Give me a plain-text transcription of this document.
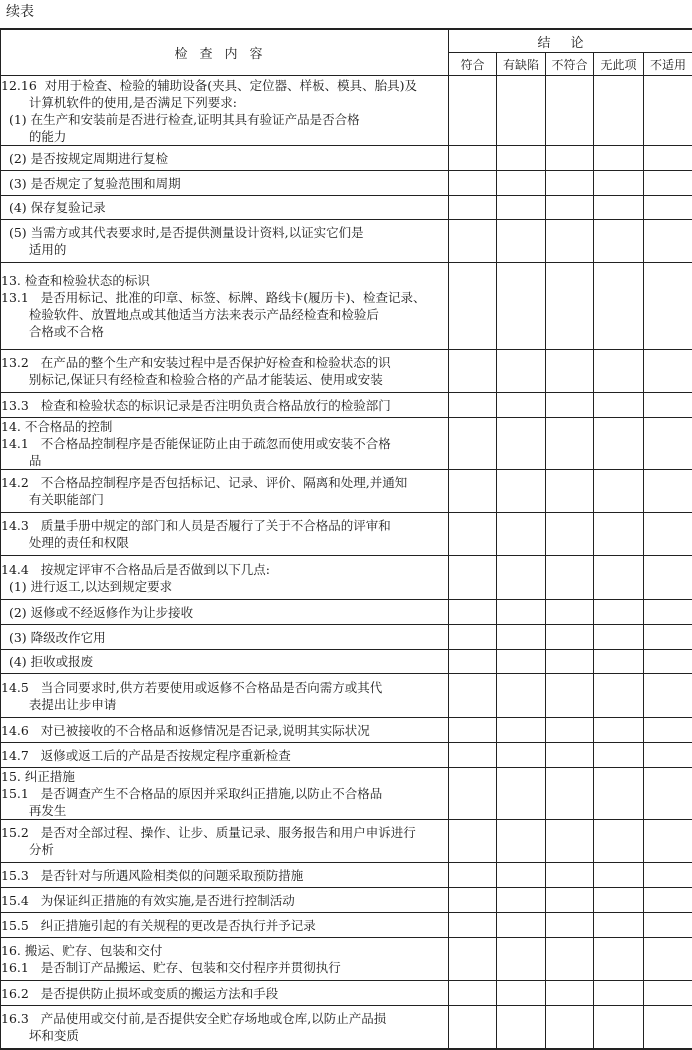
续表
检查内容	结论				
	符合	有缺陷	不符合	无此项	不适用
12.16  对用于检查、检验的辅助设备(夹具、定位器、样板、模具、胎具)及
计算机软件的使用,是否满足下列要求:
(1) 在生产和安装前是否进行检查,证明其具有验证产品是否合格
的能力					
(2) 是否按规定周期进行复检					
(3) 是否规定了复验范围和周期					
(4) 保存复验记录					
(5) 当需方或其代表要求时,是否提供测量设计资料,以证实它们是
适用的					
13. 检查和检验状态的标识
13.1   是否用标记、批准的印章、标签、标牌、路线卡(履历卡)、检查记录、
检验软件、放置地点或其他适当方法来表示产品经检查和检验后
合格或不合格					
13.2   在产品的整个生产和安装过程中是否保护好检查和检验状态的识
别标记,保证只有经检查和检验合格的产品才能装运、使用或安装					
13.3   检查和检验状态的标识记录是否注明负责合格品放行的检验部门					
14. 不合格品的控制
14.1   不合格品控制程序是否能保证防止由于疏忽而使用或安装不合格
品					
14.2   不合格品控制程序是否包括标记、记录、评价、隔离和处理,并通知
有关职能部门					
14.3   质量手册中规定的部门和人员是否履行了关于不合格品的评审和
处理的责任和权限					
14.4   按规定评审不合格品后是否做到以下几点:
(1) 进行返工,以达到规定要求					
(2) 返修或不经返修作为让步接收					
(3) 降级改作它用					
(4) 拒收或报废					
14.5   当合同要求时,供方若要使用或返修不合格品是否向需方或其代
表提出让步申请					
14.6   对已被接收的不合格品和返修情况是否记录,说明其实际状况					
14.7   返修或返工后的产品是否按规定程序重新检查					
15. 纠正措施
15.1   是否调查产生不合格品的原因并采取纠正措施,以防止不合格品
再发生					
15.2   是否对全部过程、操作、让步、质量记录、服务报告和用户申诉进行
分析					
15.3   是否针对与所遇风险相类似的问题采取预防措施					
15.4   为保证纠正措施的有效实施,是否进行控制活动					
15.5   纠正措施引起的有关规程的更改是否执行并予记录					
16. 搬运、贮存、包装和交付
16.1   是否制订产品搬运、贮存、包装和交付程序并贯彻执行					
16.2   是否提供防止损坏或变质的搬运方法和手段					
16.3   产品使用或交付前,是否提供安全贮存场地或仓库,以防止产品损
坏和变质					
